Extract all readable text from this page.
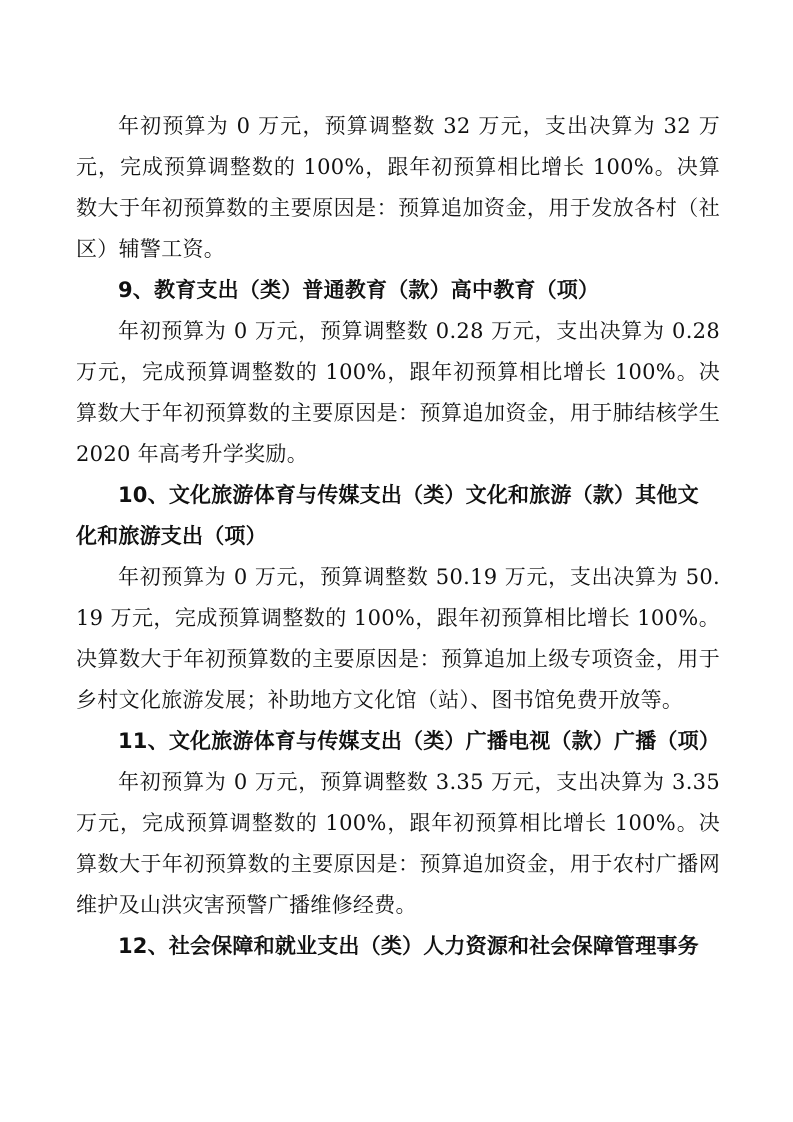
年初预算为 0 万元，预算调整数 32 万元，支出决算为 32 万元，完成预算调整数的 100%，跟年初预算相比增长 100%。决算数大于年初预算数的主要原因是：预算追加资金，用于发放各村（社区）辅警工资。

9、教育支出（类）普通教育（款）高中教育（项）

年初预算为 0 万元，预算调整数 0.28 万元，支出决算为 0.28 万元，完成预算调整数的 100%，跟年初预算相比增长 100%。决算数大于年初预算数的主要原因是：预算追加资金，用于肺结核学生 2020 年高考升学奖励。

10、文化旅游体育与传媒支出（类）文化和旅游（款）其他文化和旅游支出（项）

年初预算为 0 万元，预算调整数 50.19 万元，支出决算为 50.19 万元，完成预算调整数的 100%，跟年初预算相比增长 100%。决算数大于年初预算数的主要原因是：预算追加上级专项资金，用于乡村文化旅游发展；补助地方文化馆（站）、图书馆免费开放等。

11、文化旅游体育与传媒支出（类）广播电视（款）广播（项）

年初预算为 0 万元，预算调整数 3.35 万元，支出决算为 3.35 万元，完成预算调整数的 100%，跟年初预算相比增长 100%。决算数大于年初预算数的主要原因是：预算追加资金，用于农村广播网维护及山洪灾害预警广播维修经费。

12、社会保障和就业支出（类）人力资源和社会保障管理事务
